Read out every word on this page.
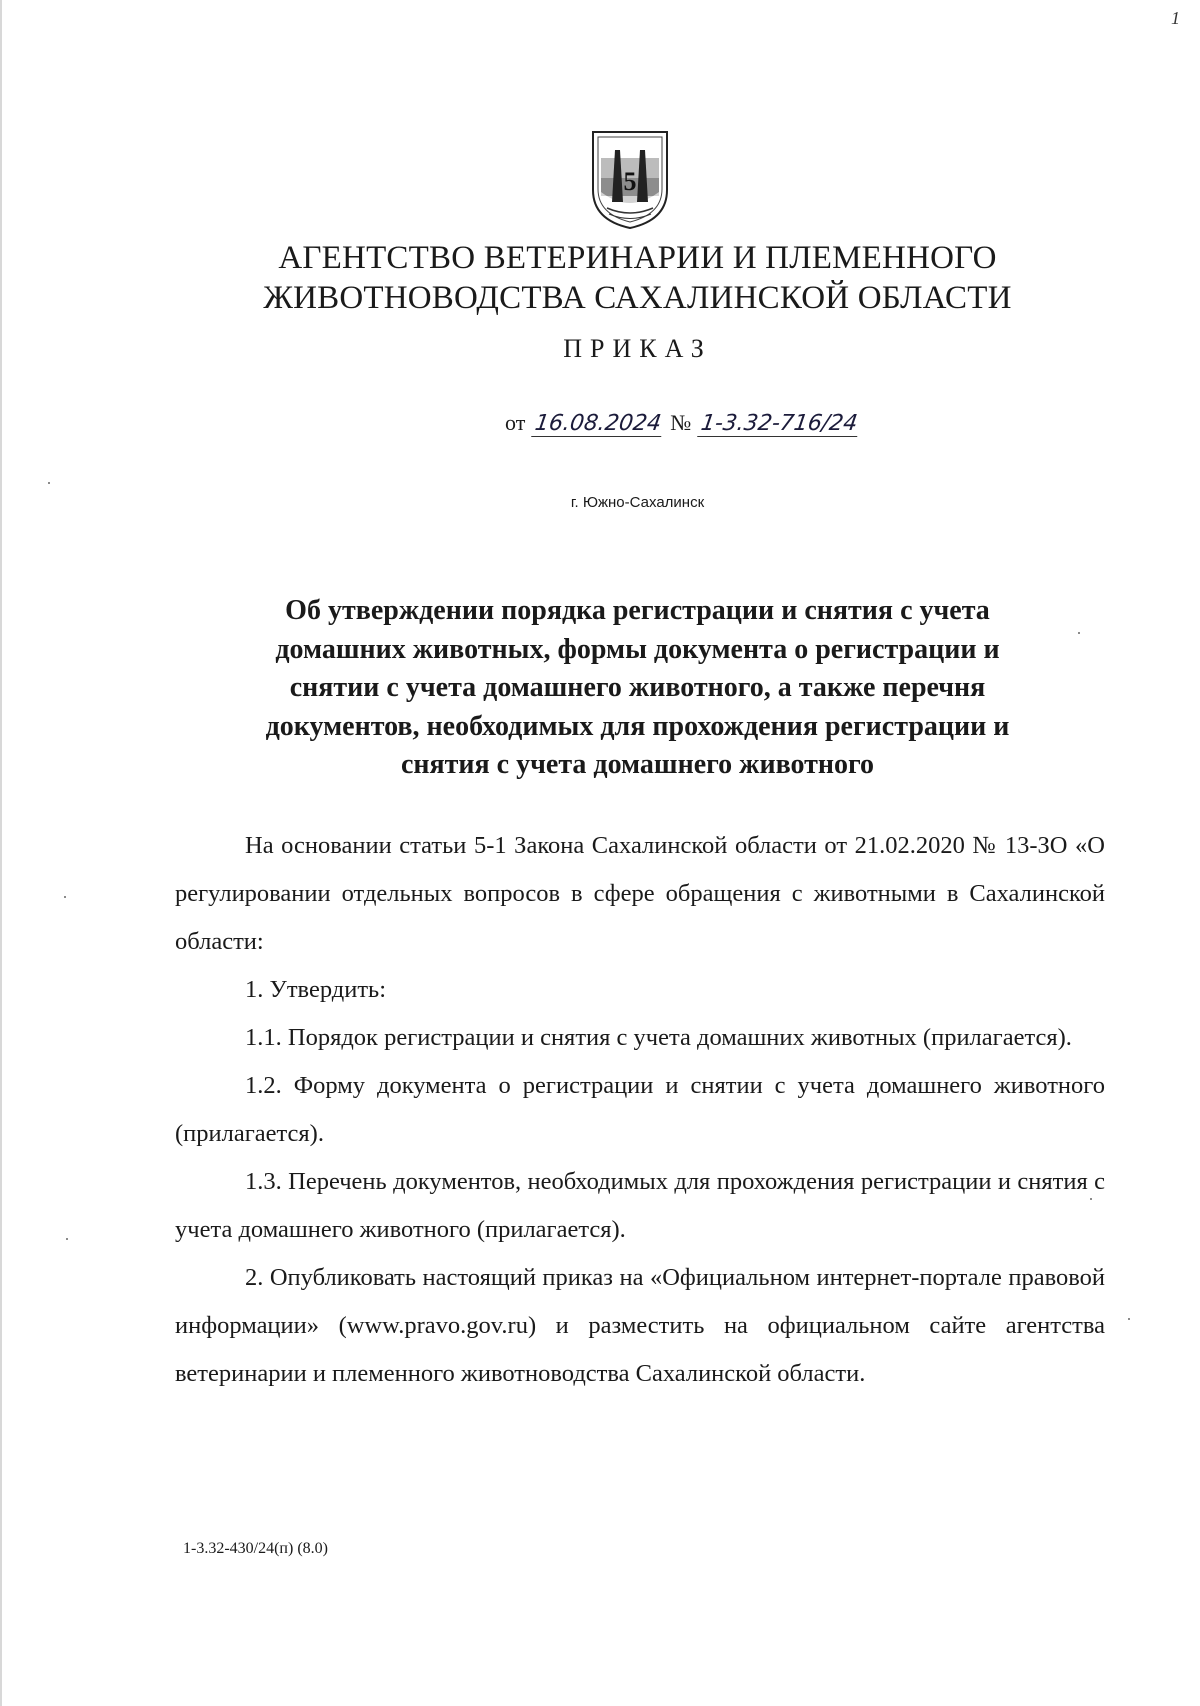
1
5
АГЕНТСТВО ВЕТЕРИНАРИИ И ПЛЕМЕННОГО
ЖИВОТНОВОДСТВА САХАЛИНСКОЙ ОБЛАСТИ
ПРИКАЗ
от 16.08.2024 № 1-3.32-716/24
г. Южно-Сахалинск
Об утверждении порядка регистрации и снятия с учета
домашних животных, формы документа о регистрации и
снятии с учета домашнего животного, а также перечня
документов, необходимых для прохождения регистрации и
снятия с учета домашнего животного

На основании статьи 5-1 Закона Сахалинской области от 21.02.2020 № 13-ЗО «О регулировании отдельных вопросов в сфере обращения с животными в Сахалинской области:

1. Утвердить:

1.1. Порядок регистрации и снятия с учета домашних животных (прилагается).

1.2. Форму документа о регистрации и снятии с учета домашнего животного (прилагается).

1.3. Перечень документов, необходимых для прохождения регистрации и снятия с учета домашнего животного (прилагается).

2. Опубликовать настоящий приказ на «Официальном интернет-портале правовой информации» (www.pravo.gov.ru) и разместить на официальном сайте агентства ветеринарии и племенного животноводства Сахалинской области.

1-3.32-430/24(п) (8.0)
